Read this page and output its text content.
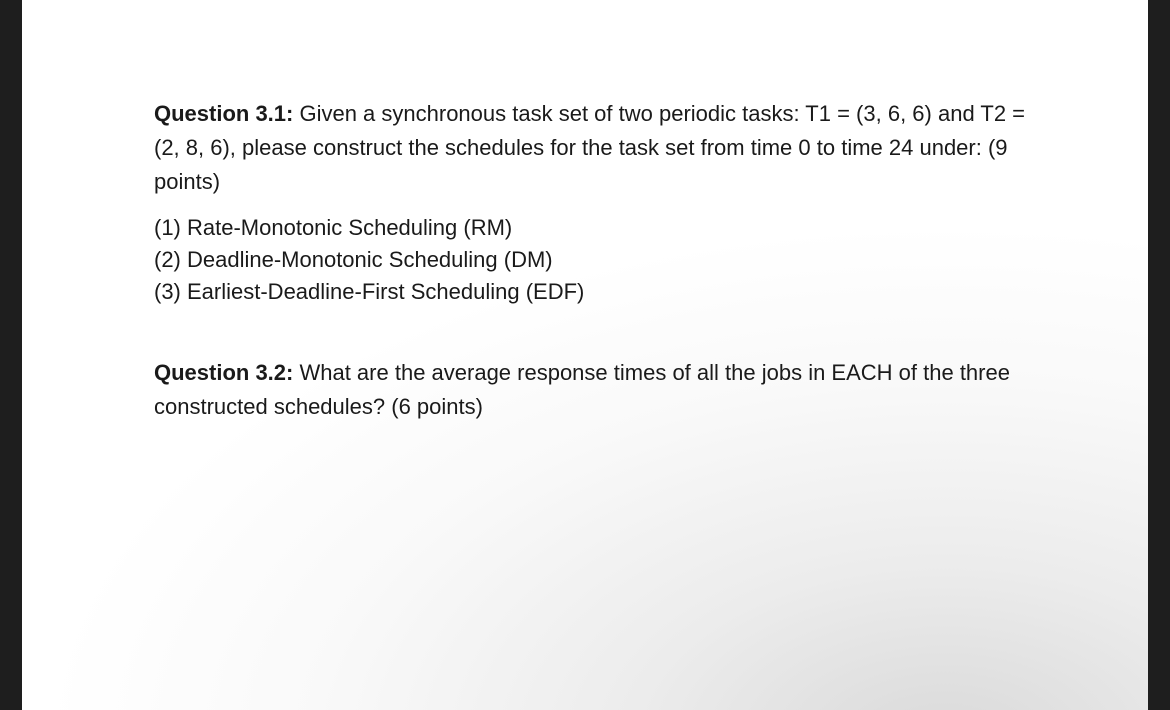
Question 3.1: Given a synchronous task set of two periodic tasks: T1 = (3, 6, 6) and T2 = (2, 8, 6), please construct the schedules for the task set from time 0 to time 24 under: (9 points)

(1) Rate-Monotonic Scheduling (RM)
(2) Deadline-Monotonic Scheduling (DM)
(3) Earliest-Deadline-First Scheduling (EDF)

Question 3.2: What are the average response times of all the jobs in EACH of the three constructed schedules? (6 points)
